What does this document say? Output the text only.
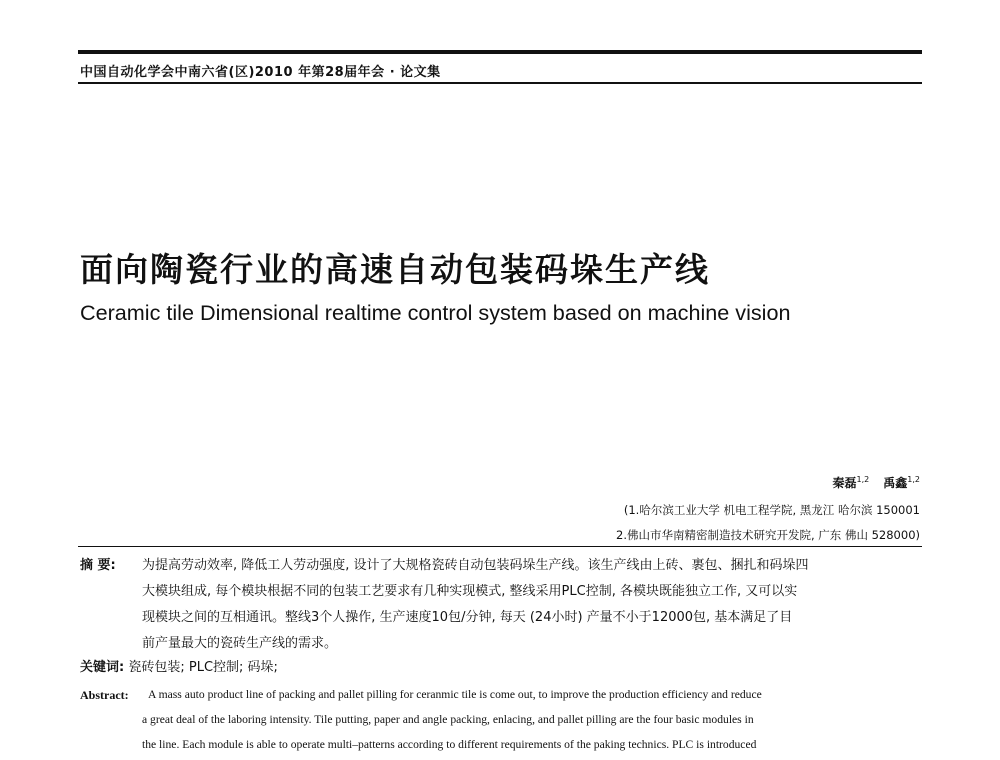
中国自动化学会中南六省(区)2010 年第28届年会 · 论文集
面向陶瓷行业的高速自动包装码垛生产线
Ceramic tile Dimensional realtime control system based on machine vision
秦磊$^{1,2}$ 禹鑫$^{1,2}$
(1.哈尔滨工业大学 机电工程学院, 黑龙江 哈尔滨 150001
2.佛山市华南精密制造技术研究开发院, 广东 佛山 528000)
摘 要: 为提高劳动效率, 降低工人劳动强度, 设计了大规格瓷砖自动包装码垛生产线。该生产线由上砖、裹包、捆扎和码垛四
大模块组成, 每个模块根据不同的包装工艺要求有几种实现模式, 整线采用PLC控制, 各模块既能独立工作, 又可以实
现模块之间的互相通讯。整线3个人操作, 生产速度10包/分钟, 每天 (24小时) 产量不小于12000包, 基本满足了目
前产量最大的瓷砖生产线的需求。
关键词: 瓷砖包装; PLC控制; 码垛;
Abstract: A mass auto product line of packing and pallet pilling for ceranmic tile is come out, to improve the production efficiency and reduce
a great deal of the laboring intensity. Tile putting, paper and angle packing, enlacing, and pallet pilling are the four basic modules in
the line. Each module is able to operate multi–patterns according to different requirements of the paking technics. PLC is introduced
